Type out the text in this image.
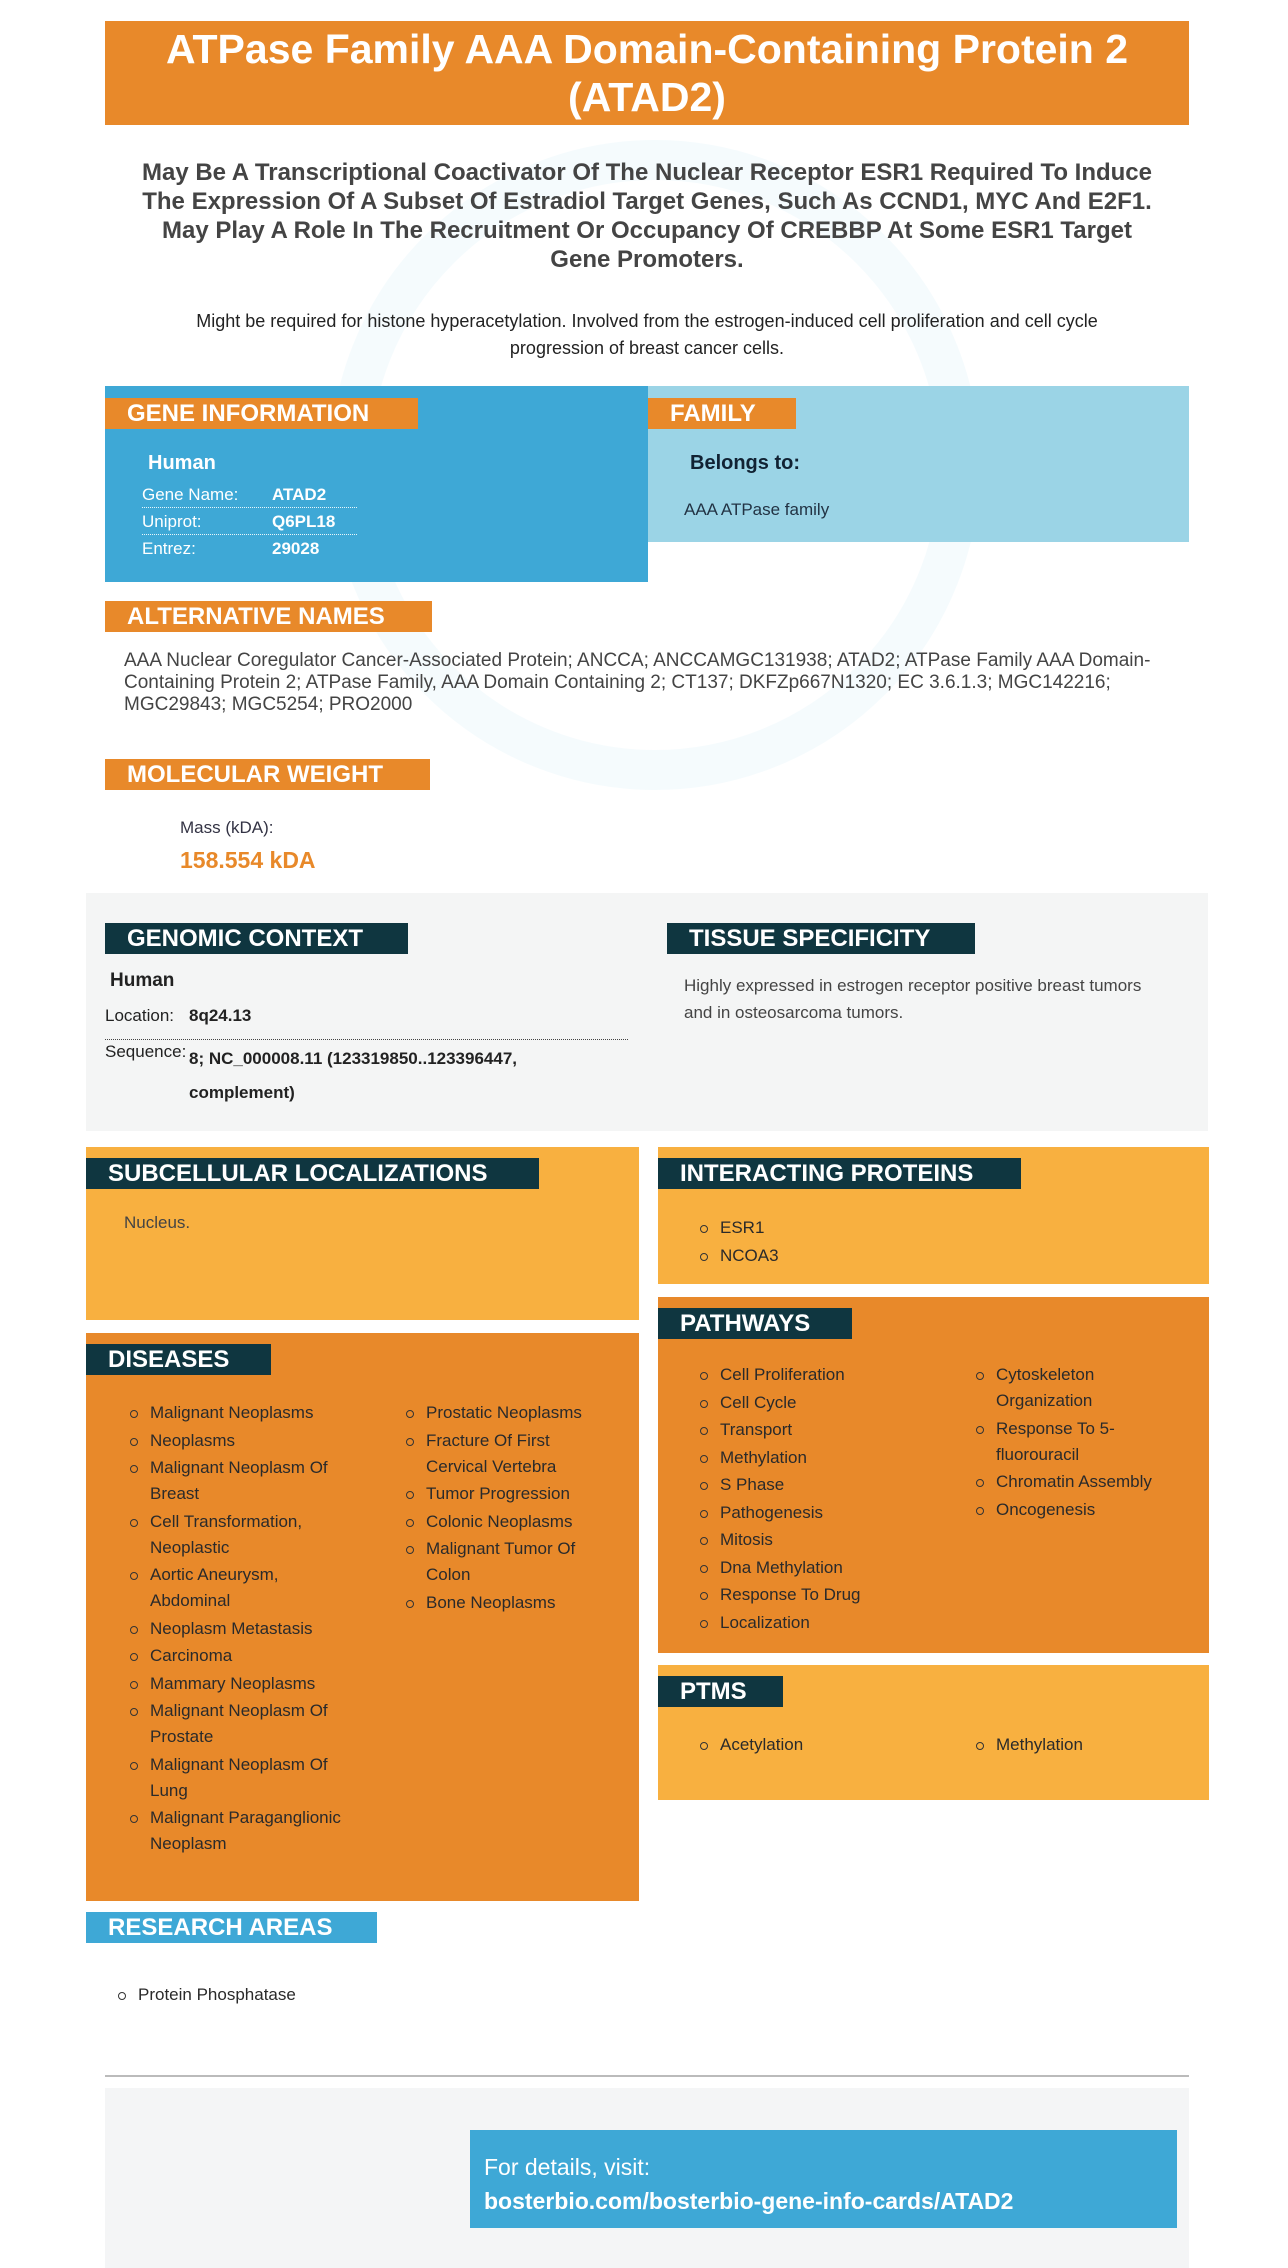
ATPase Family AAA Domain-Containing Protein 2 (ATAD2)
May Be A Transcriptional Coactivator Of The Nuclear Receptor ESR1 Required To Induce The Expression Of A Subset Of Estradiol Target Genes, Such As CCND1, MYC And E2F1. May Play A Role In The Recruitment Or Occupancy Of CREBBP At Some ESR1 Target Gene Promoters.
Might be required for histone hyperacetylation. Involved from the estrogen-induced cell proliferation and cell cycle progression of breast cancer cells.
GENE INFORMATION
Human
Gene Name:	ATAD2
Uniprot:	Q6PL18
Entrez:	29028
FAMILY
Belongs to:
AAA ATPase family
ALTERNATIVE NAMES
AAA Nuclear Coregulator Cancer-Associated Protein; ANCCA; ANCCAMGC131938; ATAD2; ATPase Family AAA Domain-Containing Protein 2; ATPase Family, AAA Domain Containing 2; CT137; DKFZp667N1320; EC 3.6.1.3; MGC142216; MGC29843; MGC5254; PRO2000
MOLECULAR WEIGHT
Mass (kDA):
158.554 kDA
GENOMIC CONTEXT
Human
Location: 8q24.13
Sequence: 8; NC_000008.11 (123319850..123396447, complement)
TISSUE SPECIFICITY
Highly expressed in estrogen receptor positive breast tumors and in osteosarcoma tumors.
SUBCELLULAR LOCALIZATIONS
Nucleus.
INTERACTING PROTEINS
ESR1
NCOA3
DISEASES
Malignant Neoplasms
Neoplasms
Malignant Neoplasm Of Breast
Cell Transformation, Neoplastic
Aortic Aneurysm, Abdominal
Neoplasm Metastasis
Carcinoma
Mammary Neoplasms
Malignant Neoplasm Of Prostate
Malignant Neoplasm Of Lung
Malignant Paraganglionic Neoplasm
Prostatic Neoplasms
Fracture Of First Cervical Vertebra
Tumor Progression
Colonic Neoplasms
Malignant Tumor Of Colon
Bone Neoplasms
PATHWAYS
Cell Proliferation
Cell Cycle
Transport
Methylation
S Phase
Pathogenesis
Mitosis
Dna Methylation
Response To Drug
Localization
Cytoskeleton Organization
Response To 5-fluorouracil
Chromatin Assembly
Oncogenesis
PTMS
Acetylation	Methylation
RESEARCH AREAS
Protein Phosphatase
For details, visit:
bosterbio.com/bosterbio-gene-info-cards/ATAD2
